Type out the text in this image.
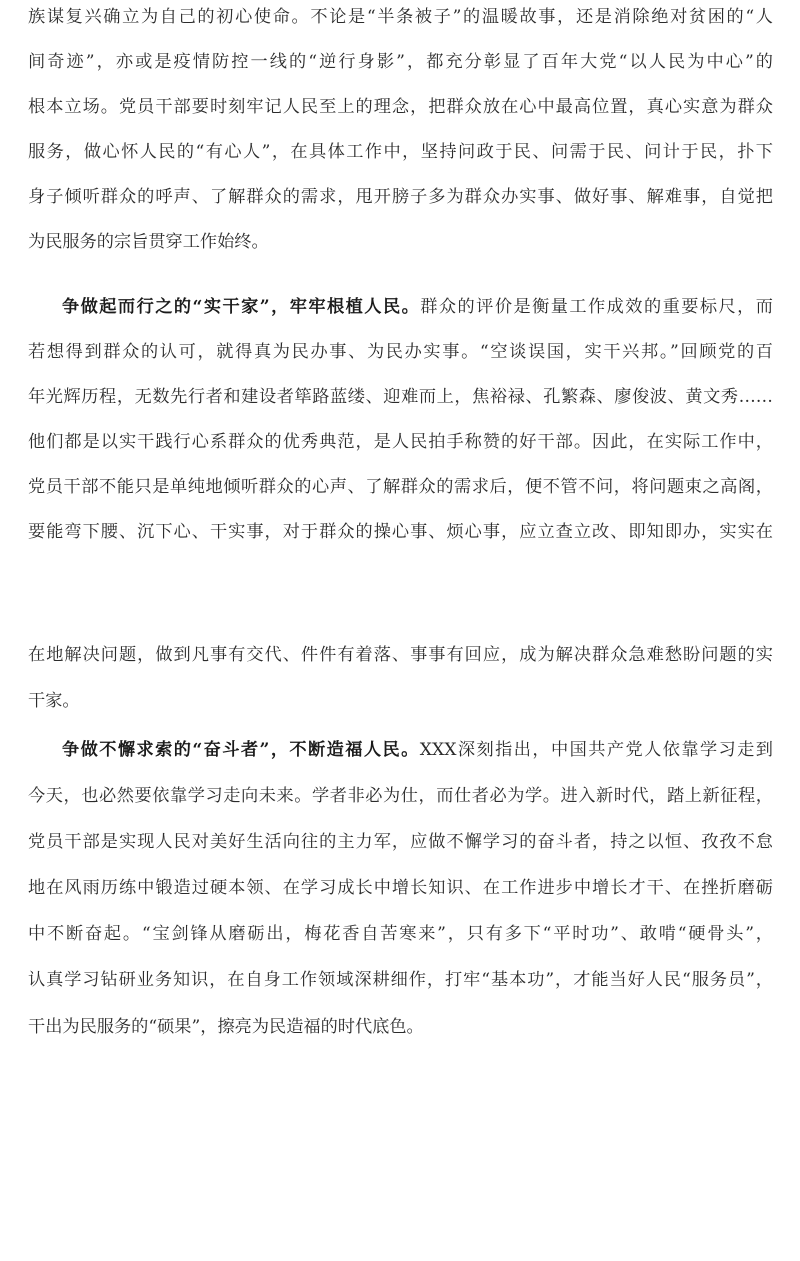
族谋复兴确立为自己的初心使命。不论是“半条被子”的温暖故事，还是消除绝对贫困的“人
间奇迹”，亦或是疫情防控一线的“逆行身影”，都充分彰显了百年大党“以人民为中心”的
根本立场。党员干部要时刻牢记人民至上的理念，把群众放在心中最高位置，真心实意为群众
服务，做心怀人民的“有心人”，在具体工作中，坚持问政于民、问需于民、问计于民，扑下
身子倾听群众的呼声、了解群众的需求，甩开膀子多为群众办实事、做好事、解难事，自觉把
为民服务的宗旨贯穿工作始终。
争做起而行之的“实干家”，牢牢根植人民。群众的评价是衡量工作成效的重要标尺，而
若想得到群众的认可，就得真为民办事、为民办实事。“空谈误国，实干兴邦。”回顾党的百
年光辉历程，无数先行者和建设者筚路蓝缕、迎难而上，焦裕禄、孔繁森、廖俊波、黄文秀……
他们都是以实干践行心系群众的优秀典范，是人民拍手称赞的好干部。因此，在实际工作中，
党员干部不能只是单纯地倾听群众的心声、了解群众的需求后，便不管不问，将问题束之高阁，
要能弯下腰、沉下心、干实事，对于群众的操心事、烦心事，应立查立改、即知即办，实实在
在地解决问题，做到凡事有交代、件件有着落、事事有回应，成为解决群众急难愁盼问题的实
干家。
争做不懈求索的“奋斗者”，不断造福人民。XXX深刻指出，中国共产党人依靠学习走到
今天，也必然要依靠学习走向未来。学者非必为仕，而仕者必为学。进入新时代，踏上新征程，
党员干部是实现人民对美好生活向往的主力军，应做不懈学习的奋斗者，持之以恒、孜孜不怠
地在风雨历练中锻造过硬本领、在学习成长中增长知识、在工作进步中增长才干、在挫折磨砺
中不断奋起。“宝剑锋从磨砺出，梅花香自苦寒来”，只有多下“平时功”、敢啃“硬骨头”，
认真学习钻研业务知识，在自身工作领域深耕细作，打牢“基本功”，才能当好人民“服务员”，
干出为民服务的“硕果”，擦亮为民造福的时代底色。
